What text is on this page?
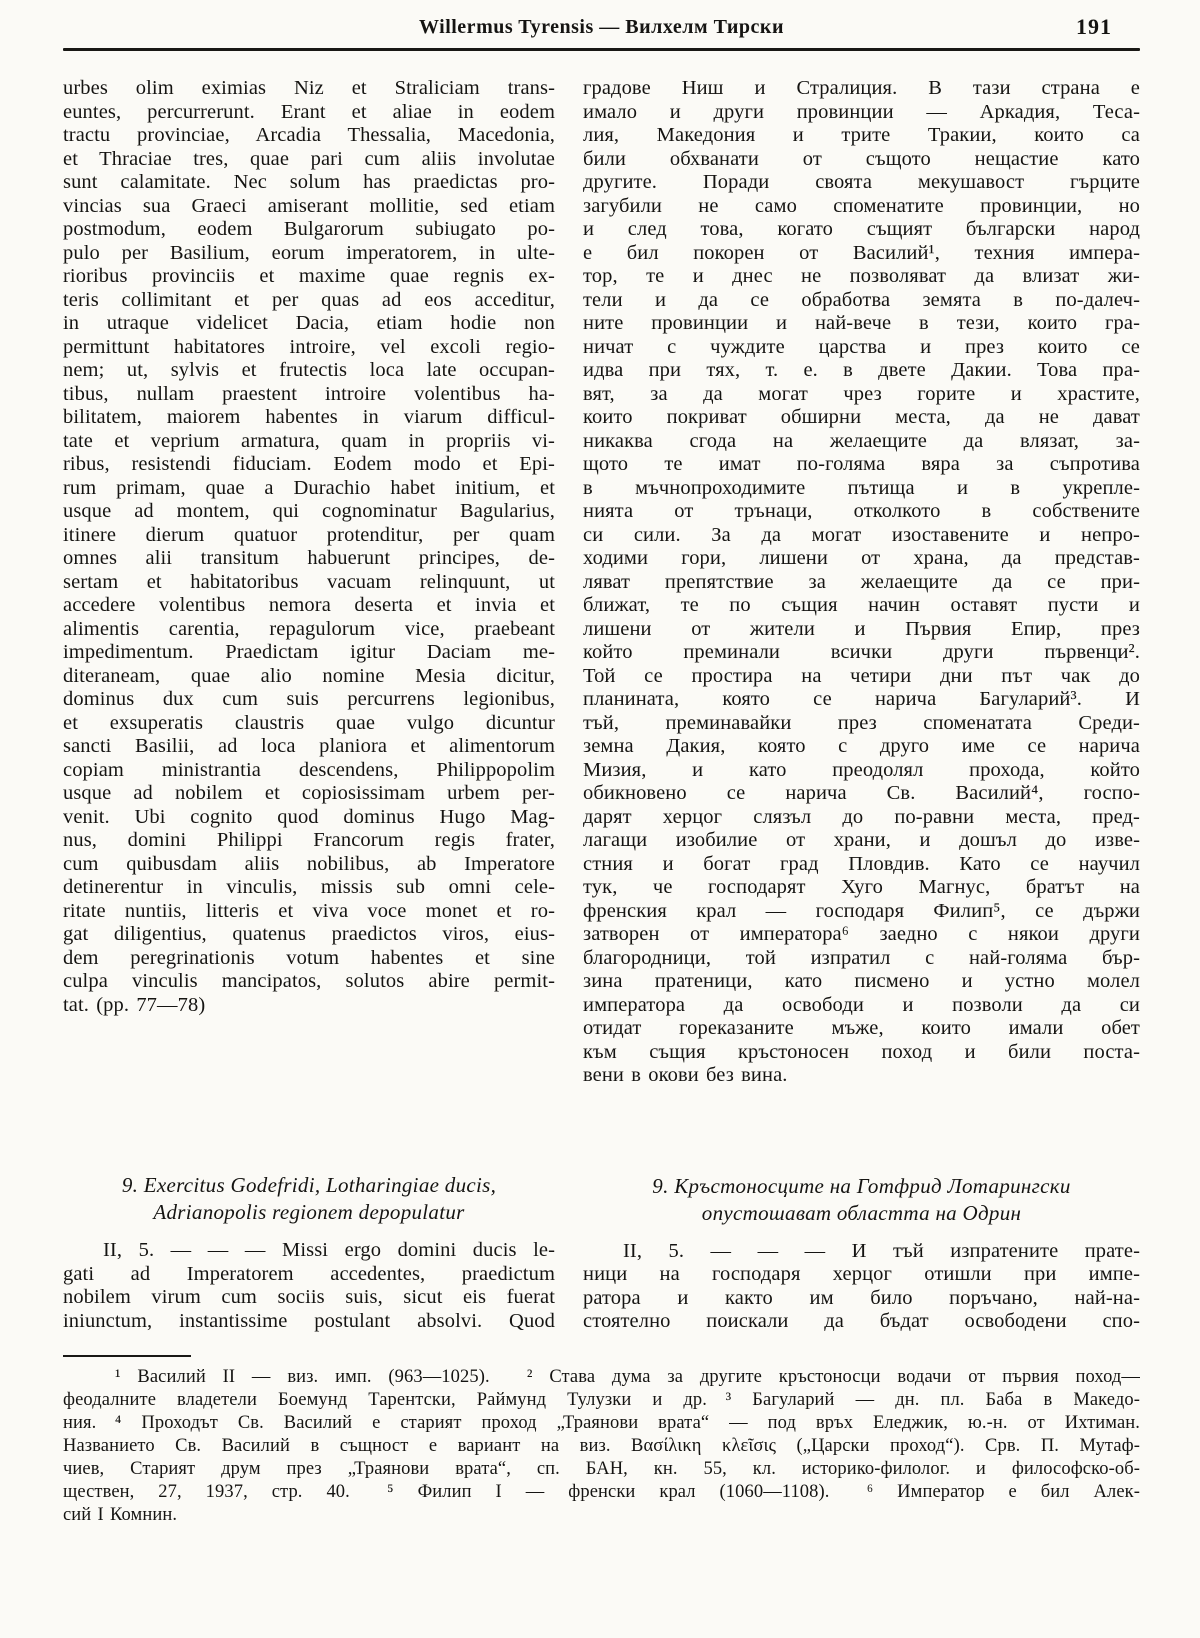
Willermus Tyrensis — Вилхелм Тирски	191
urbes olim eximias Niz et Straliciam trans-
euntes, percurrerunt. Erant et aliae in eodem
tractu provinciae, Arcadia Thessalia, Macedonia,
et Thraciae tres, quae pari cum aliis involutae
sunt calamitate. Nec solum has praedictas pro-
vincias sua Graeci amiserant mollitie, sed etiam
postmodum, eodem Bulgarorum subiugato po-
pulo per Basilium, eorum imperatorem, in ulte-
rioribus provinciis et maxime quae regnis ex-
teris collimitant et per quas ad eos acceditur,
in utraque videlicet Dacia, etiam hodie non
permittunt habitatores introire, vel excoli regio-
nem; ut, sylvis et frutectis loca late occupan-
tibus, nullam praestent introire volentibus ha-
bilitatem, maiorem habentes in viarum difficul-
tate et veprium armatura, quam in propriis vi-
ribus, resistendi fiduciam. Eodem modo et Epi-
rum primam, quae a Durachio habet initium, et
usque ad montem, qui cognominatur Bagularius,
itinere dierum quatuor protenditur, per quam
omnes alii transitum habuerunt principes, de-
sertam et habitatoribus vacuam relinquunt, ut
accedere volentibus nemora deserta et invia et
alimentis carentia, repagulorum vice, praebeant
impedimentum. Praedictam igitur Daciam me-
diteraneam, quae alio nomine Mesia dicitur,
dominus dux cum suis percurrens legionibus,
et exsuperatis claustris quae vulgo dicuntur
sancti Basilii, ad loca planiora et alimentorum
copiam ministrantia descendens, Philippopolim
usque ad nobilem et copiosissimam urbem per-
venit. Ubi cognito quod dominus Hugo Mag-
nus, domini Philippi Francorum regis frater,
cum quibusdam aliis nobilibus, ab Imperatore
detinerentur in vinculis, missis sub omni cele-
ritate nuntiis, litteris et viva voce monet et ro-
gat diligentius, quatenus praedictos viros, eius-
dem peregrinationis votum habentes et sine
culpa vinculis mancipatos, solutos abire permit-
tat. (pp. 77—78)
9. Exercitus Godefridi, Lotharingiae ducis,
Adrianopolis regionem depopulatur
II, 5. — — — Missi ergo domini ducis le-
gati ad Imperatorem accedentes, praedictum
nobilem virum cum sociis suis, sicut eis fuerat
iniunctum, instantissime postulant absolvi. Quod
градове Ниш и Стралиция. В тази страна е
имало и други провинции — Аркадия, Теса-
лия, Македония и трите Тракии, които са
били обхванати от същото нещастие като
другите. Поради своята мекушавост гърците
загубили не само споменатите провинции, но
и след това, когато същият български народ
е бил покорен от Василий¹, техния импера-
тор, те и днес не позволяват да влизат жи-
тели и да се обработва земята в по-далеч-
ните провинции и най-вече в тези, които гра-
ничат с чуждите царства и през които се
идва при тях, т. е. в двете Дакии. Това пра-
вят, за да могат чрез горите и храстите,
които покриват обширни места, да не дават
никаква сгода на желаещите да влязат, за-
щото те имат по-голяма вяра за съпротива
в мъчнопроходимите пътища и в укрепле-
нията от трънаци, отколкото в собствените
си сили. За да могат изоставените и непро-
ходими гори, лишени от храна, да представ-
ляват препятствие за желаещите да се при-
ближат, те по същия начин оставят пусти и
лишени от жители и Първия Епир, през
който преминали всички други първенци².
Той се простира на четири дни път чак до
планината, която се нарича Багуларий³. И
тъй, преминавайки през споменатата Среди-
земна Дакия, която с друго име се нарича
Мизия, и като преодолял прохода, който
обикновено се нарича Св. Василий⁴, госпо-
дарят херцог слязъл до по-равни места, пред-
лагащи изобилие от храни, и дошъл до изве-
стния и богат град Пловдив. Като се научил
тук, че господарят Хуго Магнус, братът на
френския крал — господаря Филип⁵, се държи
затворен от императора⁶ заедно с някои други
благородници, той изпратил с най-голяма бър-
зина пратеници, като писмено и устно молел
императора да освободи и позволи да си
отидат гореказаните мъже, които имали обет
към същия кръстоносен поход и били поста-
вени в окови без вина.
9. Кръстоносците на Готфрид Лотарингски
опустошават областта на Одрин
II, 5. — — — И тъй изпратените прате-
ници на господаря херцог отишли при импе-
ратора и както им било поръчано, най-на-
стоятелно поискали да бъдат освободени спо-
¹ Василий II — виз. имп. (963—1025).  ² Става дума за другите кръстоносци водачи от първия поход—
феодалните владетели Боемунд Тарентски, Раймунд Тулузки и др. ³ Багуларий — дн. пл. Баба в Македо-
ния. ⁴ Проходът Св. Василий е старият проход „Траянови врата“ — под връх Еледжик, ю.-н. от Ихтиман.
Названието Св. Василий в същност е вариант на виз. Βασίλικη κλεῖσις („Царски проход“). Срв. П. Мутаф-
чиев, Старият друм през „Траянови врата“, сп. БАН, кн. 55, кл. историко-филолог. и философско-об-
ществен, 27, 1937, стр. 40.  ⁵ Филип I — френски крал (1060—1108).  ⁶ Император е бил Алек-
сий I Комнин.
